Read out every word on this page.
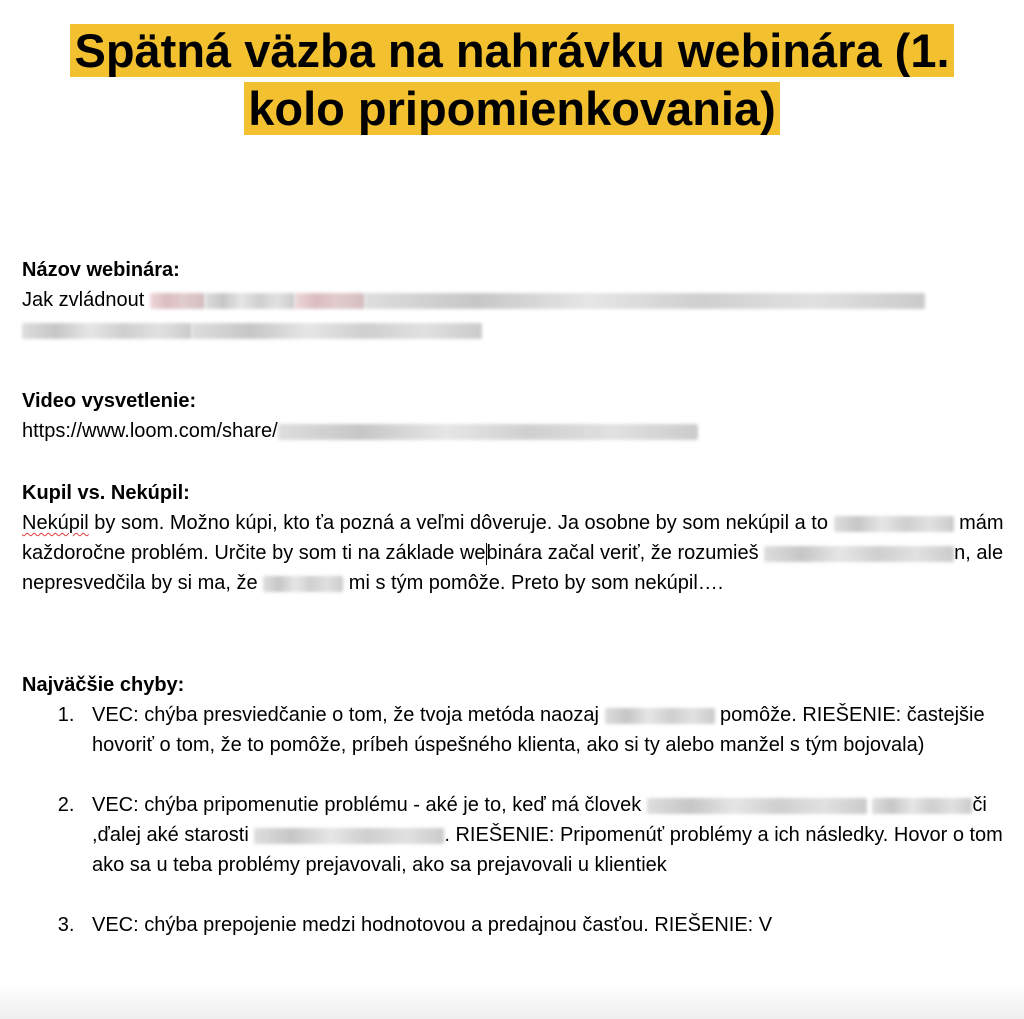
Spätná väzba na nahrávku webinára (1.
kolo pripomienkovania)

Názov webinára:

Jak zvládnout

Video vysvetlenie:

https://www.loom.com/share/

Kupil vs. Nekúpil:

Nekúpil by som. Možno kúpi, kto ťa pozná a veľmi dôveruje. Ja osobne by som nekúpil a to	mám každoročne problém. Určite by som ti na základe webinára začal veriť, že rozumieš	n, ale nepresvedčila by si ma, že	mi s tým pomôže. Preto by som nekúpil….

Najväčšie chyby:

1. VEC: chýba presviedčanie o tom, že tvoja metóda naozaj	pomôže. RIEŠENIE: častejšie hovoriť o tom, že to pomôže, príbeh úspešného klienta, ako si ty alebo manžel s tým bojovala)
2. VEC: chýba pripomenutie problému - aké je to, keď má človek	či ,ďalej aké starosti	. RIEŠENIE: Pripomenúť problémy a ich následky. Hovor o tom ako sa u teba problémy prejavovali, ako sa prejavovali u klientiek
3. VEC: chýba prepojenie medzi hodnotovou a predajnou časťou. RIEŠENIE: V
